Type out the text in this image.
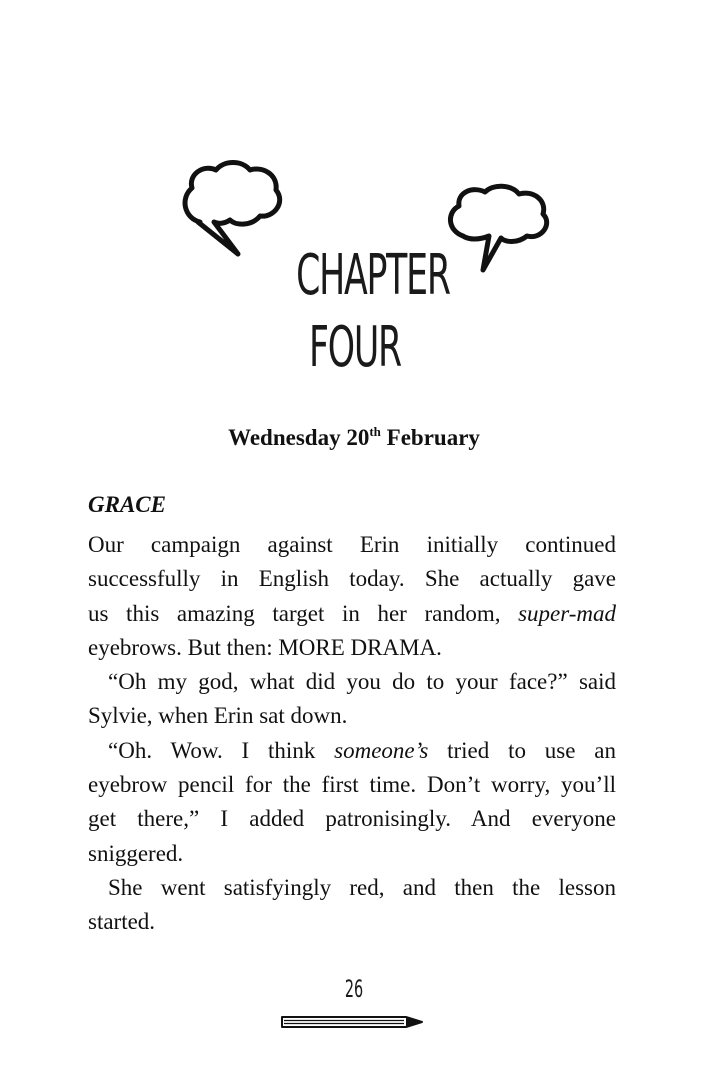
CHAPTER
FOUR
Wednesday 20th February
GRACE

Our campaign against Erin initially continued
successfully in English today. She actually gave
us this amazing target in her random, super-mad
eyebrows. But then: MORE DRAMA.

“Oh my god, what did you do to your face?” said
Sylvie, when Erin sat down.

“Oh. Wow. I think someone’s tried to use an
eyebrow pencil for the first time. Don’t worry, you’ll
get there,” I added patronisingly. And everyone
sniggered.

She went satisfyingly red, and then the lesson
started.

26
